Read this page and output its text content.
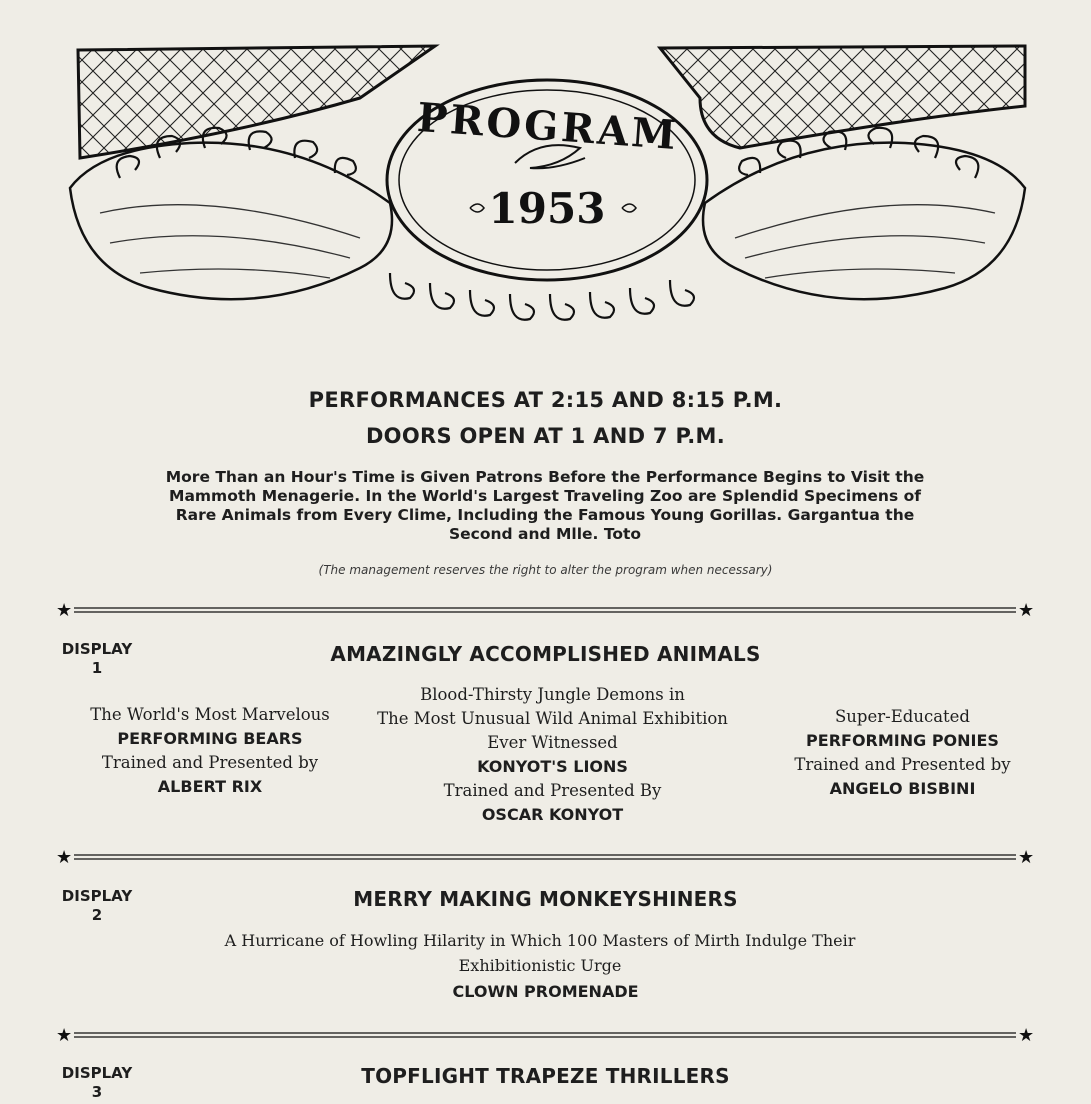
PROGRAM
1953
PERFORMANCES AT 2:15 AND 8:15 P.M.
DOORS OPEN AT 1 AND 7 P.M.
More Than an Hour's Time is Given Patrons Before the Performance Begins to Visit the Mammoth Menagerie. In the World's Largest Traveling Zoo are Splendid Specimens of Rare Animals from Every Clime, Including the Famous Young Gorillas. Gargantua the Second and Mlle. Toto
(The management reserves the right to alter the program when necessary)
★	★
DISPLAY
1
AMAZINGLY ACCOMPLISHED ANIMALS
The World's Most Marvelous
PERFORMING BEARS
Trained and Presented by
ALBERT RIX
Blood-Thirsty Jungle Demons in
The Most Unusual Wild Animal Exhibition
Ever Witnessed
KONYOT'S LIONS
Trained and Presented By
OSCAR KONYOT
Super-Educated
PERFORMING PONIES
Trained and Presented by
ANGELO BISBINI
★	★
DISPLAY
2
MERRY MAKING MONKEYSHINERS
A Hurricane of Howling Hilarity in Which 100 Masters of Mirth Indulge Their
Exhibitionistic Urge
CLOWN PROMENADE
★	★
DISPLAY
3
TOPFLIGHT TRAPEZE THRILLERS
